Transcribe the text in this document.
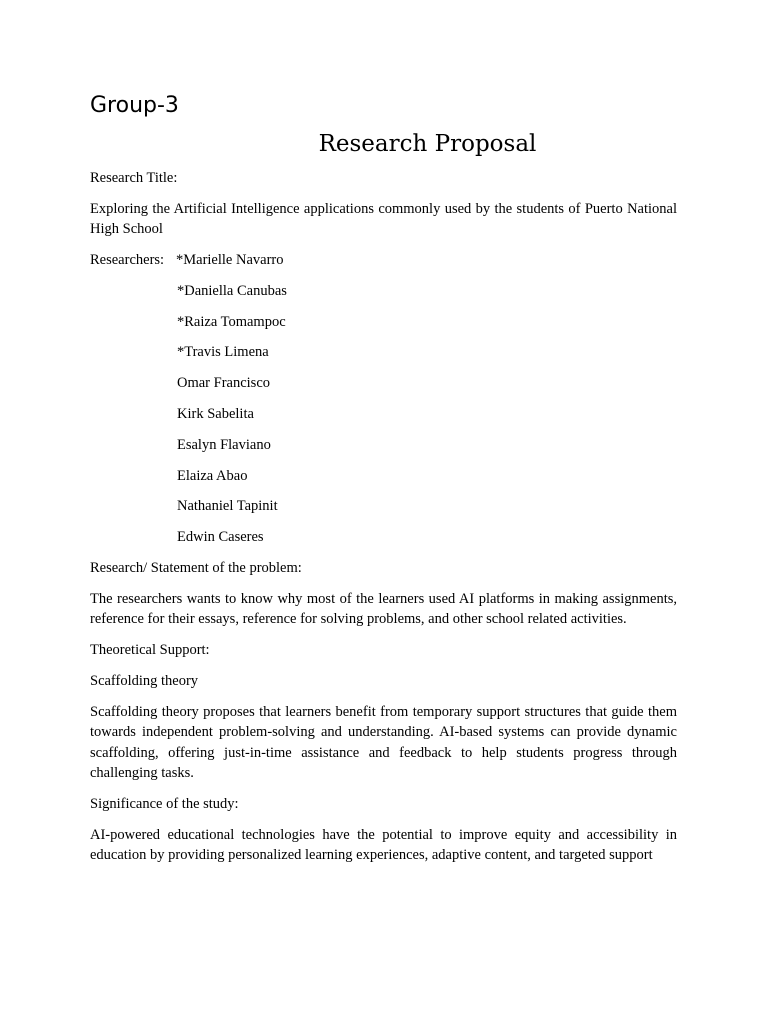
Group-3
Research Proposal

Research Title:

Exploring the Artificial Intelligence applications commonly used by the students of Puerto National High School

Researchers: *Marielle Navarro

*Daniella Canubas

*Raiza Tomampoc

*Travis Limena

Omar Francisco

Kirk Sabelita

Esalyn Flaviano

Elaiza Abao

Nathaniel Tapinit

Edwin Caseres

Research/ Statement of the problem:

The researchers wants to know why most of the learners used AI platforms in making assignments, reference for their essays, reference for solving problems, and other school related activities.

Theoretical Support:

Scaffolding theory

Scaffolding theory proposes that learners benefit from temporary support structures that guide them towards independent problem-solving and understanding. AI-based systems can provide dynamic scaffolding, offering just-in-time assistance and feedback to help students progress through challenging tasks.

Significance of the study:

AI-powered educational technologies have the potential to improve equity and accessibility in education by providing personalized learning experiences, adaptive content, and targeted support
